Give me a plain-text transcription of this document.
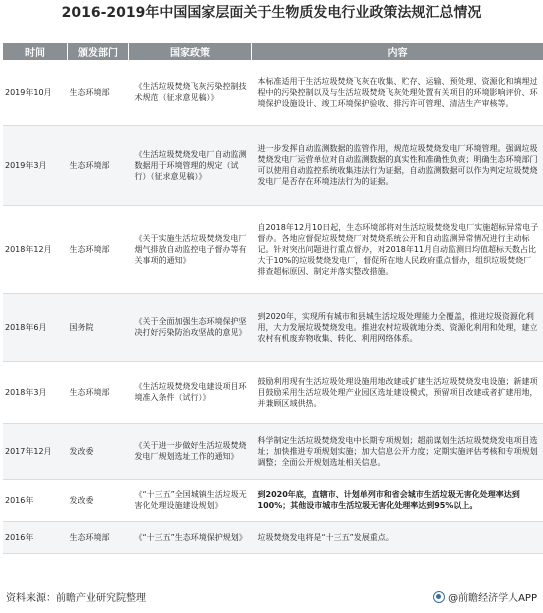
2016-2019年中国国家层面关于生物质发电行业政策法规汇总情况
时间	颁发部门	国家政策	内容
2019年10月	生态环境部	《生活垃圾焚烧飞灰污染控制技术规范（征求意见稿）》	本标准适用于生活垃圾焚烧飞灰在收集、贮存、运输、预处理、资源化和填埋过程中的污染控制以及与生活垃圾焚烧飞灰处理处置有关项目的环境影响评价、环境保护设施设计、竣工环境保护验收、排污许可管理、清洁生产审核等。
2019年3月	生态环境部	《生活垃圾焚烧发电厂自动监测数据用于环境管理的规定（试行）（征求意见稿）》	进一步发挥自动监测数据的监管作用，规范垃圾焚烧发电厂环境管理。强调垃圾焚烧发电厂运营单位对自动监测数据的真实性和准确性负责；明确生态环境部门可以使用自动监控系统收集违法行为证据，自动监测数据可以作为判定垃圾焚烧发电厂是否存在环境违法行为的证据。
2018年12月	生态环境部	《关于实施生活垃圾焚烧发电厂烟气排放自动监控电子督办等有关事项的通知》	自2018年12月10日起，生态环境部将对生活垃圾焚烧发电厂实施超标异常电子督办。各地应督促垃圾焚烧厂对焚烧系统公开和自动监测异常情况进行主动标记。针对突出问题进行重点督办，对2018年11月自动监测日均值超标天数占比大于10%的垃圾焚烧发电厂，督促所在地人民政府重点督办，组织垃圾焚烧厂排查超标原因、制定并落实整改措施。
2018年6月	国务院	《关于全面加强生态环境保护坚决打好污染防治攻坚战的意见》	到2020年，实现所有城市和县城生活垃圾处理能力全覆盖，推进垃圾资源化利用，大力发展垃圾焚烧发电。推进农村垃圾就地分类、资源化利用和处理，建立农村有机废弃物收集、转化、利用网络体系。
2018年3月	生态环境部	《生活垃圾焚烧发电建设项目环境准入条件（试行）》	鼓励利用现有生活垃圾处理设施用地改建或扩建生活垃圾焚烧发电设施；新建项目鼓励采用生活垃圾处理产业园区选址建设模式，预留项目改建或者扩建用地，并兼顾区域供热。
2017年12月	发改委	《关于进一步做好生活垃圾焚烧发电厂规划选址工作的通知》	科学制定生活垃圾焚烧发电中长期专项规划；超前谋划生活垃圾焚烧发电项目选址；加快推进专项规划实施；加大信息公开力度；定期实施评估考核和专项规划调整；全面公开规划选址相关信息。
2016年	发改委	《“十三五”全国城镇生活垃圾无害化处理设施建设规划》	到2020年底，直辖市、计划单列市和省会城市生活垃圾无害化处理率达到100%；其他设市城市生活垃圾无害化处理率达到95%以上。
2016年	生态环境部	《“十三五”生态环境保护规划》	垃圾焚烧发电将是“十三五”发展重点。
资料来源：前瞻产业研究院整理	@前瞻经济学人APP
